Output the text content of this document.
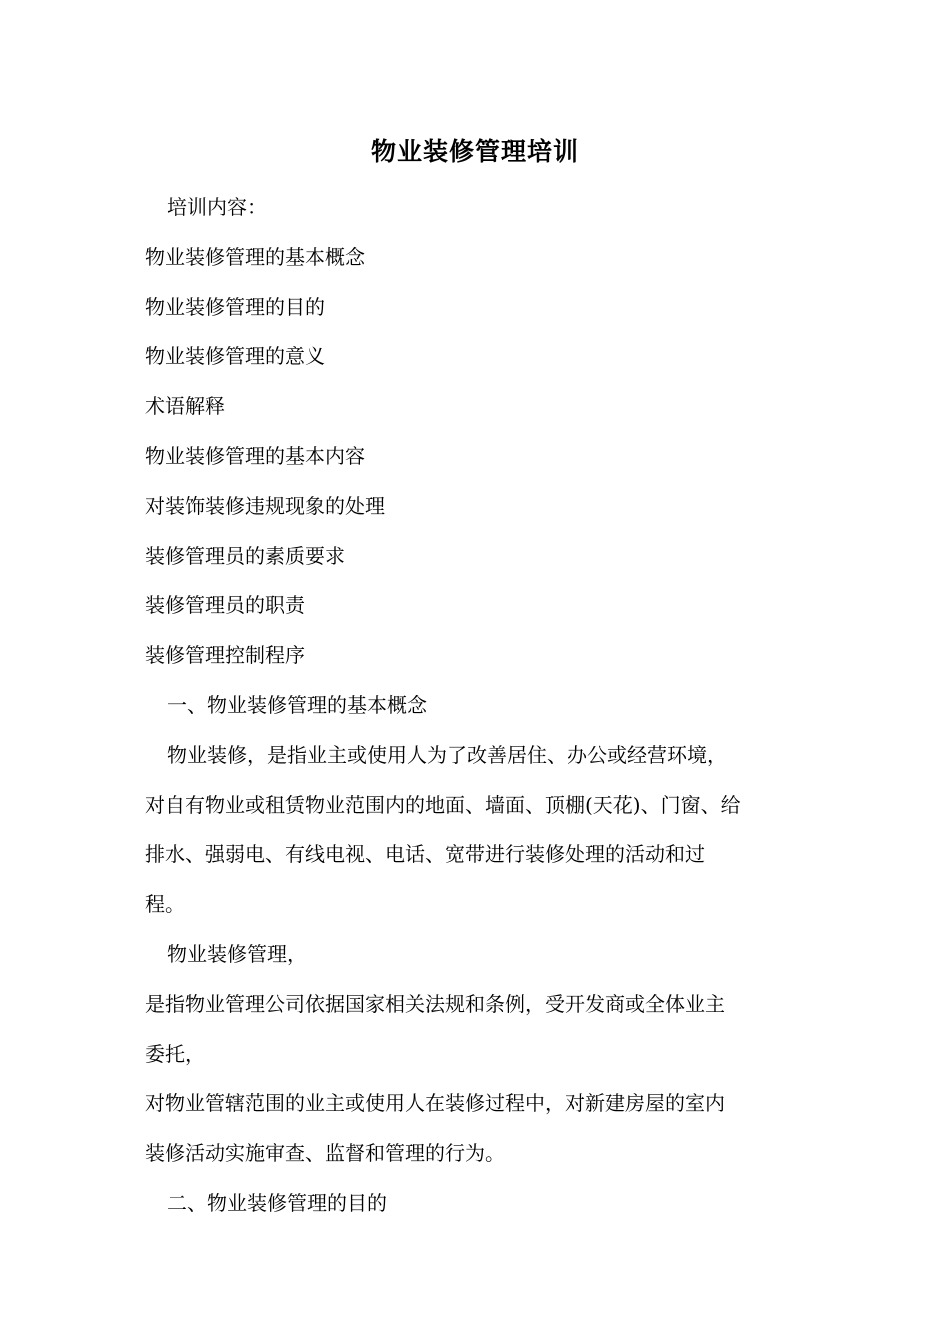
物业装修管理培训

培训内容：

物业装修管理的基本概念

物业装修管理的目的

物业装修管理的意义

术语解释

物业装修管理的基本内容

对装饰装修违规现象的处理

装修管理员的素质要求

装修管理员的职责

装修管理控制程序

一、物业装修管理的基本概念

物业装修，是指业主或使用人为了改善居住、办公或经营环境，

对自有物业或租赁物业范围内的地面、墙面、顶棚(天花)、门窗、给

排水、强弱电、有线电视、电话、宽带进行装修处理的活动和过

程。

物业装修管理，

是指物业管理公司依据国家相关法规和条例，受开发商或全体业主

委托，

对物业管辖范围的业主或使用人在装修过程中，对新建房屋的室内

装修活动实施审查、监督和管理的行为。

二、物业装修管理的目的
